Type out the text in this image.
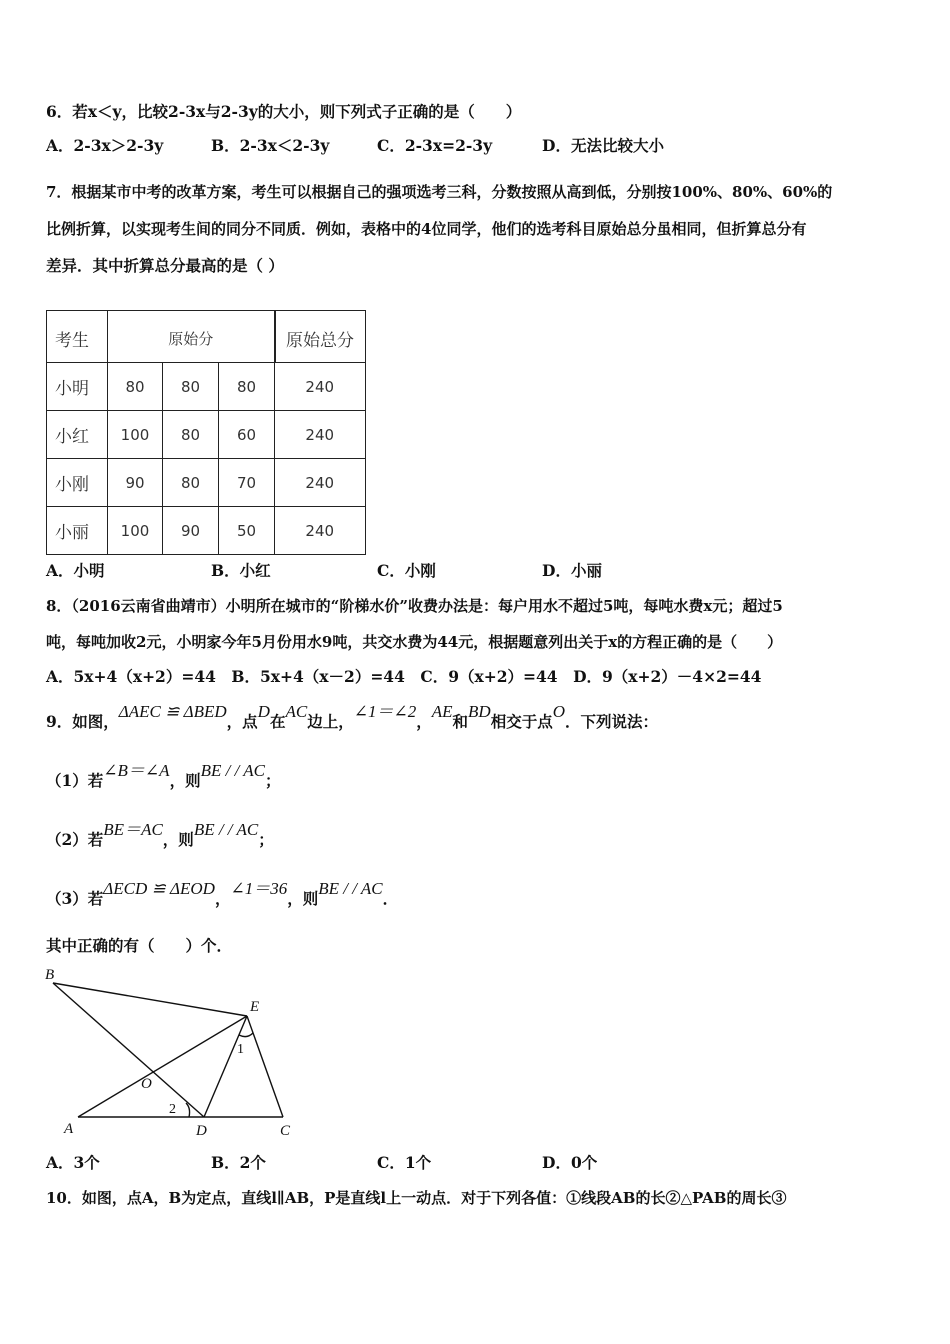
6．若x＜y，比较2-3x与2-3y的大小，则下列式子正确的是（　　）
A．2-3x＞2-3y	B．2-3x＜2-3y	C．2-3x=2-3y	D．无法比较大小
7．根据某市中考的改革方案，考生可以根据自己的强项选考三科，分数按照从高到低，分别按100%、80%、60%的
比例折算，以实现考生间的同分不同质．例如，表格中的4位同学，他们的选考科目原始总分虽相同，但折算总分有
差异．其中折算总分最高的是（ ）
考生	原始分			原始总分
小明	80	80	80	240
小红	100	80	60	240
小刚	90	80	70	240
小丽	100	90	50	240
A．小明	B．小红	C．小刚	D．小丽
8．（2016云南省曲靖市）小明所在城市的“阶梯水价”收费办法是：每户用水不超过5吨，每吨水费x元；超过5
吨，每吨加收2元，小明家今年5月份用水9吨，共交水费为44元，根据题意列出关于x的方程正确的是（　　）
A．5x+4（x+2）=44　B．5x+4（x－2）=44　C．9（x+2）=44　D．9（x+2）－4×2=44
9．如图，ΔAEC ≌ ΔBED，点D在AC边上，∠1＝∠2，AE和BD相交于点O．下列说法：
（1）若∠B＝∠A，则BE / / AC；
（2）若BE＝AC，则BE / / AC；
（3）若ΔECD ≌ ΔEOD，∠1＝36，则BE / / AC．
其中正确的有（　　）个．
B
E
O
A	D	C
1
2
A．3个	B．2个	C．1个	D．0个
10．如图，点A，B为定点，直线l∥AB，P是直线l上一动点．对于下列各值：①线段AB的长②△PAB的周长③
